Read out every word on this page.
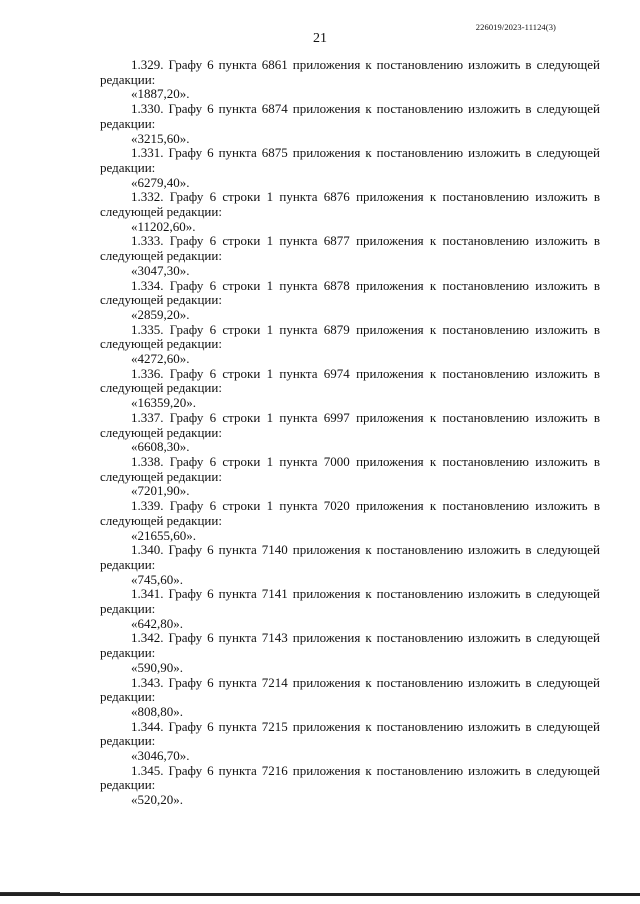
21
226019/2023-11124(3)
1.329. Графу 6 пункта 6861 приложения к постановлению изложить в следующей редакции:
«1887,20».
1.330. Графу 6 пункта 6874 приложения к постановлению изложить в следующей редакции:
«3215,60».
1.331. Графу 6 пункта 6875 приложения к постановлению изложить в следующей редакции:
«6279,40».
1.332. Графу 6 строки 1 пункта 6876 приложения к постановлению изложить в следующей редакции:
«11202,60».
1.333. Графу 6 строки 1 пункта 6877 приложения к постановлению изложить в следующей редакции:
«3047,30».
1.334. Графу 6 строки 1 пункта 6878 приложения к постановлению изложить в следующей редакции:
«2859,20».
1.335. Графу 6 строки 1 пункта 6879 приложения к постановлению изложить в следующей редакции:
«4272,60».
1.336. Графу 6 строки 1 пункта 6974 приложения к постановлению изложить в следующей редакции:
«16359,20».
1.337. Графу 6 строки 1 пункта 6997 приложения к постановлению изложить в следующей редакции:
«6608,30».
1.338. Графу 6 строки 1 пункта 7000 приложения к постановлению изложить в следующей редакции:
«7201,90».
1.339. Графу 6 строки 1 пункта 7020 приложения к постановлению изложить в следующей редакции:
«21655,60».
1.340. Графу 6 пункта 7140 приложения к постановлению изложить в следующей редакции:
«745,60».
1.341. Графу 6 пункта 7141 приложения к постановлению изложить в следующей редакции:
«642,80».
1.342. Графу 6 пункта 7143 приложения к постановлению изложить в следующей редакции:
«590,90».
1.343. Графу 6 пункта 7214 приложения к постановлению изложить в следующей редакции:
«808,80».
1.344. Графу 6 пункта 7215 приложения к постановлению изложить в следующей редакции:
«3046,70».
1.345. Графу 6 пункта 7216 приложения к постановлению изложить в следующей редакции:
«520,20».
